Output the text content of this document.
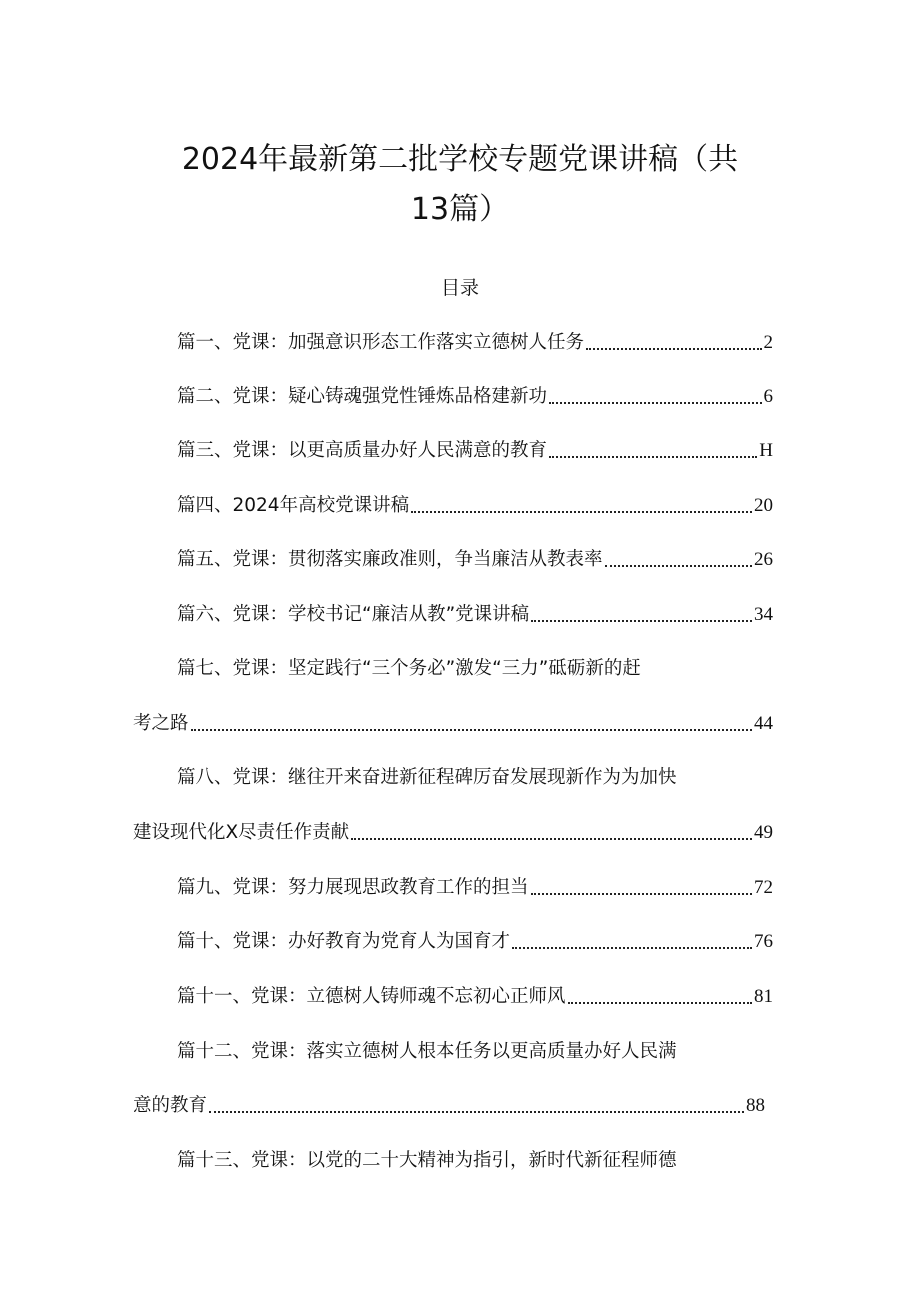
2024年最新第二批学校专题党课讲稿（共
13篇）
目录
篇一、党课：加强意识形态工作落实立德树人任务	2
篇二、党课：疑心铸魂强党性锤炼品格建新功	6
篇三、党课：以更高质量办好人民满意的教育	H
篇四、2024年高校党课讲稿	20
篇五、党课：贯彻落实廉政准则，争当廉洁从教表率	26
篇六、党课：学校书记“廉洁从教”党课讲稿	34
篇七、党课：坚定践行“三个务必”激发“三力”砥砺新的赶
考之路	44
篇八、党课：继往开来奋进新征程碑厉奋发展现新作为为加快
建设现代化X尽责任作责献	49
篇九、党课：努力展现思政教育工作的担当	72
篇十、党课：办好教育为党育人为国育才	76
篇十一、党课：立德树人铸师魂不忘初心正师风	81
篇十二、党课：落实立德树人根本任务以更高质量办好人民满
意的教育	88
篇十三、党课：以党的二十大精神为指引，新时代新征程师德
